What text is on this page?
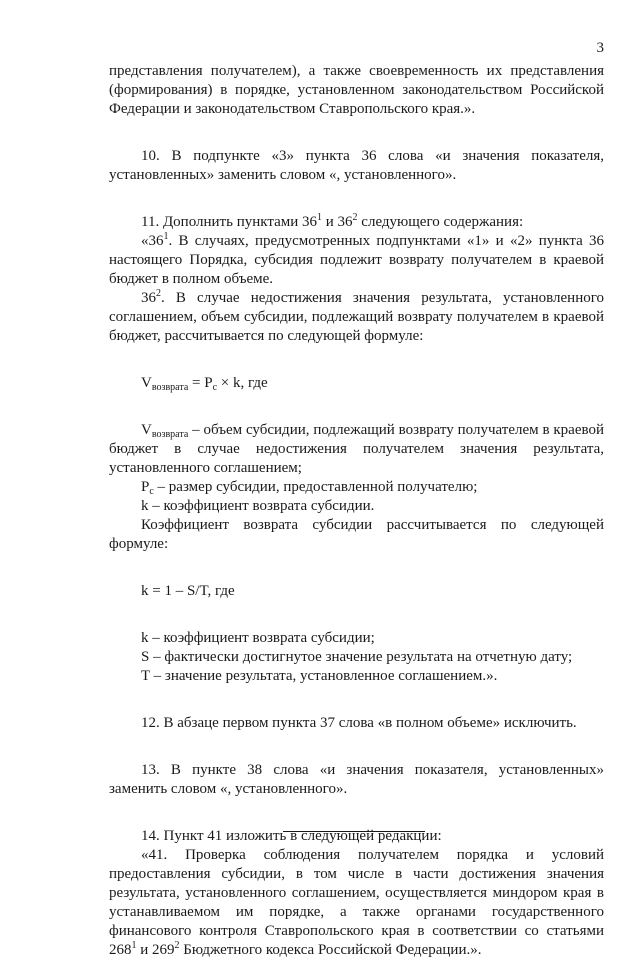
3

представления получателем), а также своевременность их представления (формирования) в порядке, установленном законодательством Российской Федерации и законодательством Ставропольского края.».

10. В подпункте «3» пункта 36 слова «и значения показателя, установленных» заменить словом «, установленного».

11. Дополнить пунктами $36^1$ и $36^2$ следующего содержания:

«$36^1$. В случаях, предусмотренных подпунктами «1» и «2» пункта 36 настоящего Порядка, субсидия подлежит возврату получателем в краевой бюджет в полном объеме.

$36^2$. В случае недостижения значения результата, установленного соглашением, объем субсидии, подлежащий возврату получателем в краевой бюджет, рассчитывается по следующей формуле:

$V_{возврата} = P_c \times k$, где

$V_{возврата}$ – объем субсидии, подлежащий возврату получателем в краевой бюджет в случае недостижения получателем значения результата, установленного соглашением;

$P_c$ – размер субсидии, предоставленной получателю;

k – коэффициент возврата субсидии.

Коэффициент возврата субсидии рассчитывается по следующей формуле:

k = 1 – S/T, где

k – коэффициент возврата субсидии;

S – фактически достигнутое значение результата на отчетную дату;

T – значение результата, установленное соглашением.».

12. В абзаце первом пункта 37 слова «в полном объеме» исключить.

13. В пункте 38 слова «и значения показателя, установленных» заменить словом «, установленного».

14. Пункт 41 изложить в следующей редакции:

«41. Проверка соблюдения получателем порядка и условий предоставления субсидии, в том числе в части достижения значения результата, установленного соглашением, осуществляется миндором края в устанавливаемом им порядке, а также органами государственного финансового контроля Ставропольского края в соответствии со статьями $268^1$ и $269^2$ Бюджетного кодекса Российской Федерации.».
